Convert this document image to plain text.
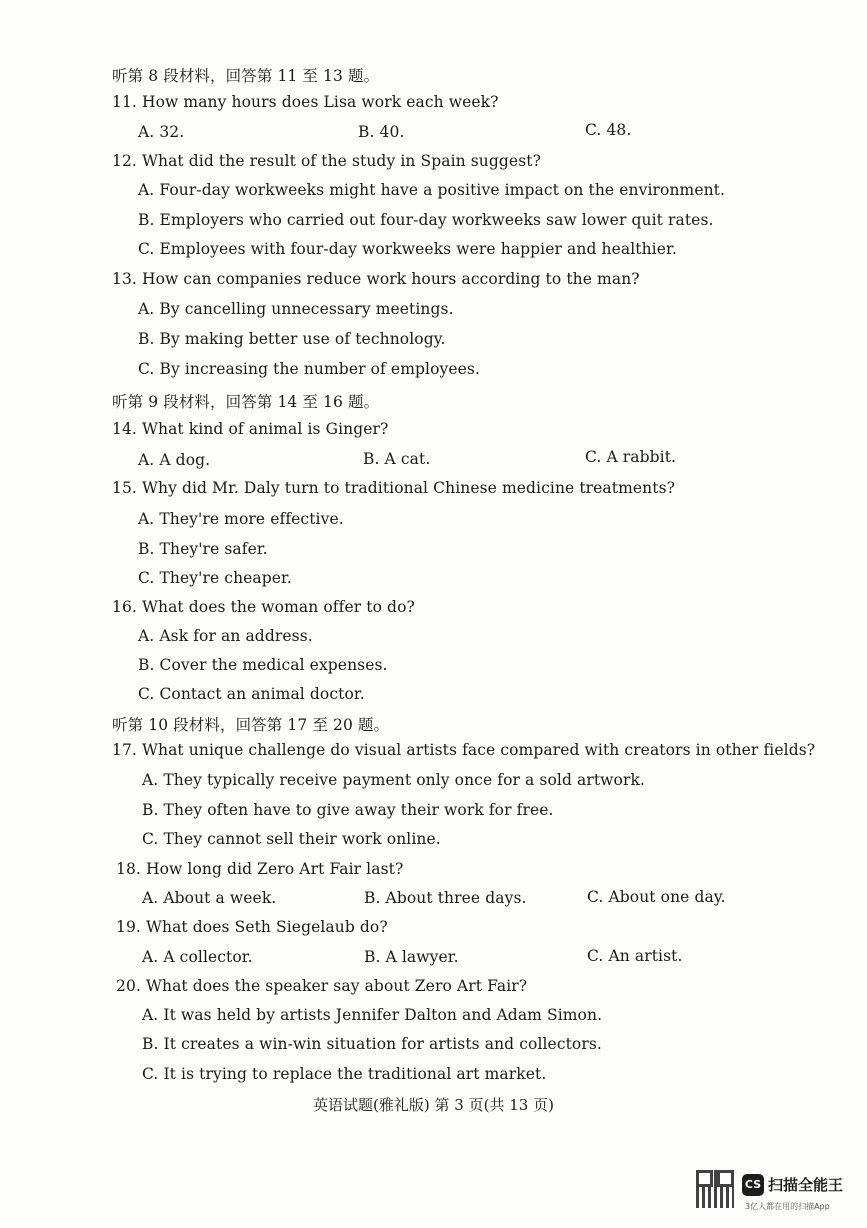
听第 8 段材料，回答第 11 至 13 题。
11. How many hours does Lisa work each week?
A. 32.	B. 40.	C. 48.
12. What did the result of the study in Spain suggest?
A. Four-day workweeks might have a positive impact on the environment.
B. Employers who carried out four-day workweeks saw lower quit rates.
C. Employees with four-day workweeks were happier and healthier.
13. How can companies reduce work hours according to the man?
A. By cancelling unnecessary meetings.
B. By making better use of technology.
C. By increasing the number of employees.
听第 9 段材料，回答第 14 至 16 题。
14. What kind of animal is Ginger?
A. A dog.	B. A cat.	C. A rabbit.
15. Why did Mr. Daly turn to traditional Chinese medicine treatments?
A. They're more effective.
B. They're safer.
C. They're cheaper.
16. What does the woman offer to do?
A. Ask for an address.
B. Cover the medical expenses.
C. Contact an animal doctor.
听第 10 段材料，回答第 17 至 20 题。
17. What unique challenge do visual artists face compared with creators in other fields?
A. They typically receive payment only once for a sold artwork.
B. They often have to give away their work for free.
C. They cannot sell their work online.
18. How long did Zero Art Fair last?
A. About a week.	B. About three days.	C. About one day.
19. What does Seth Siegelaub do?
A. A collector.	B. A lawyer.	C. An artist.
20. What does the speaker say about Zero Art Fair?
A. It was held by artists Jennifer Dalton and Adam Simon.
B. It creates a win-win situation for artists and collectors.
C. It is trying to replace the traditional art market.
英语试题(雅礼版) 第 3 页(共 13 页)
CS 扫描全能王
3亿人都在用的扫描App
